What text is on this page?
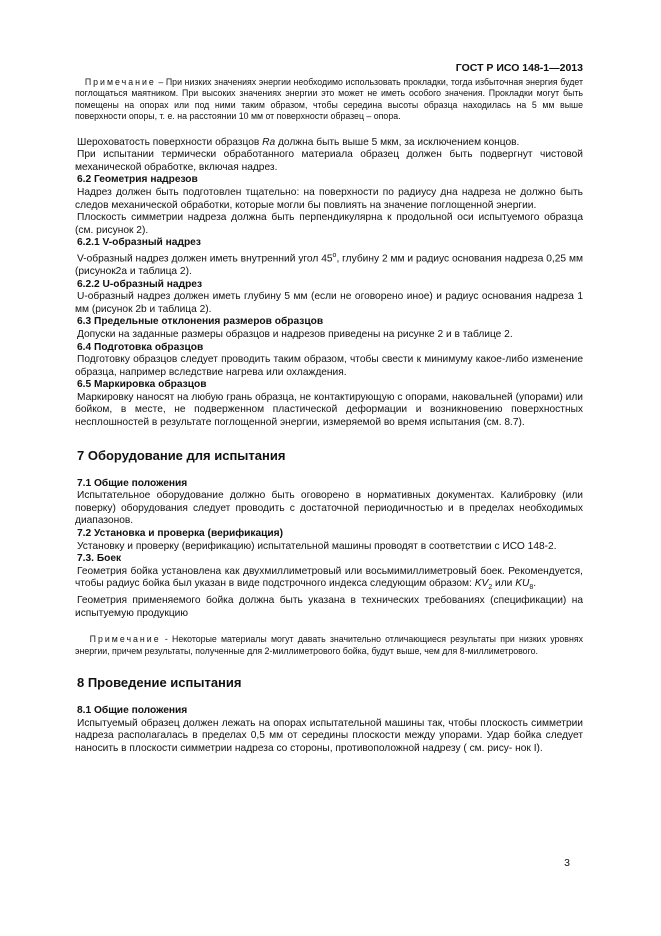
ГОСТ Р ИСО 148-1—2013

Примечание – При низких значениях энергии необходимо использовать прокладки, тогда избыточная энергия будет поглощаться маятником. При высоких значениях энергии это может не иметь особого значения. Прокладки могут быть помещены на опорах или под ними таким образом, чтобы середина высоты образца находилась на 5 мм выше поверхности опоры, т. е. на расстоянии 10 мм от поверхности образец – опора.

Шероховатость поверхности образцов Ra должна быть выше 5 мкм, за исключением концов.

При испытании термически обработанного материала образец должен быть подвергнут чистовой механической обработке, включая надрез.

6.2 Геометрия надрезов

Надрез должен быть подготовлен тщательно: на поверхности по радиусу дна надреза не должно быть следов механической обработки, которые могли бы повлиять на значение поглощенной энергии.

Плоскость симметрии надреза должна быть перпендикулярна к продольной оси испытуемого образца (см. рисунок 2).

6.2.1 V-образный надрез

V-образный надрез должен иметь внутренний угол 45$^o$, глубину 2 мм и радиус основания надреза 0,25 мм (рисунок2a и таблица 2).

6.2.2 U-образный надрез

U-образный надрез должен иметь глубину 5 мм (если не оговорено иное) и радиус основания надреза 1 мм (рисунок 2b и таблица 2).

6.3 Предельные отклонения размеров образцов

Допуски на заданные размеры образцов и надрезов приведены на рисунке 2 и в таблице 2.

6.4 Подготовка образцов

Подготовку образцов следует проводить таким образом, чтобы свести к минимуму какое-либо изменение образца, например вследствие нагрева или охлаждения.

6.5 Маркировка образцов

Маркировку наносят на любую грань образца, не контактирующую с опорами, наковальней (упорами) или бойком, в месте, не подверженном пластической деформации и возникновению поверхностных несплошностей в результате поглощенной энергии, измеряемой во время испытания (см. 8.7).

7 Оборудование для испытания
7.1 Общие положения

Испытательное оборудование должно быть оговорено в нормативных документах. Калибровку (или поверку) оборудования следует проводить с достаточной периодичностью и в пределах необходимых диапазонов.

7.2 Установка и проверка (верификация)

Установку и проверку (верификацию) испытательной машины проводят в соответствии с ИСО 148-2.

7.3. Боек

Геометрия бойка установлена как двухмиллиметровый или восьмимиллиметровый боек. Рекомендуется, чтобы радиус бойка был указан в виде подстрочного индекса следующим образом: $KV_2$ или $KU_8$.

Геометрия применяемого бойка должна быть указана в технических требованиях (спецификации) на испытуемую продукцию

Примечание - Некоторые материалы могут давать значительно отличающиеся результаты при низких уровнях энергии, причем результаты, полученные для 2-миллиметрового бойка, будут выше, чем для 8-миллиметрового.

8 Проведение испытания
8.1 Общие положения

Испытуемый образец должен лежать на опорах испытательной машины так, чтобы плоскость симметрии надреза располагалась в пределах 0,5 мм от середины плоскости между упорами. Удар бойка следует наносить в плоскости симметрии надреза со стороны, противоположной надрезу ( см. рису- нок I).

3
